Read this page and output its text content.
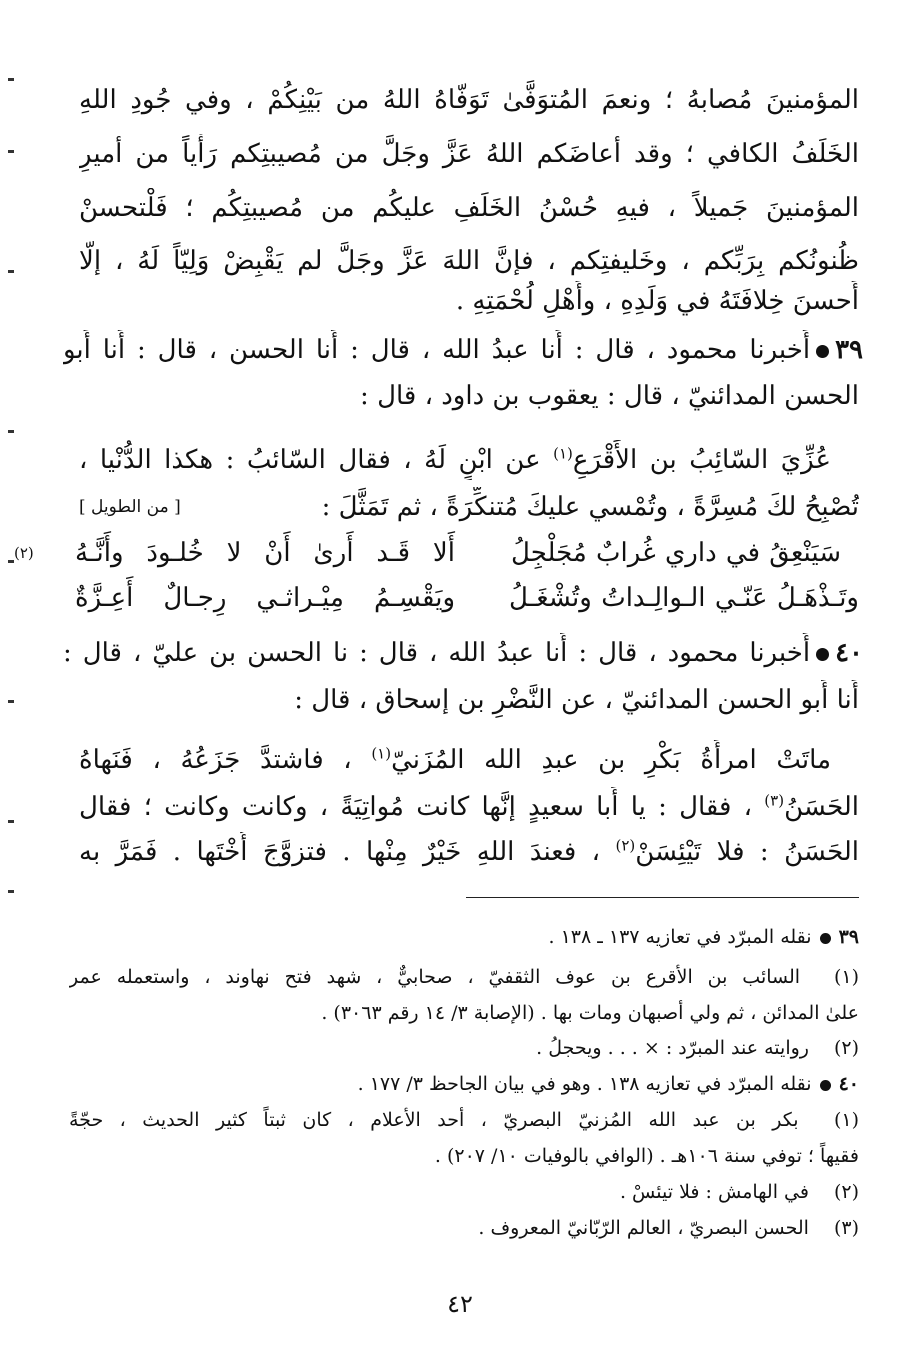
المؤمنينَ مُصابهُ ؛ ونعمَ المُتوَفَّىٰ تَوَفّاهُ اللهُ من بَيْنِكُمْ ، وفي جُودِ اللهِ
الخَلَفُ الكافي ؛ وقد أعاضَكم اللهُ عَزَّ وجَلَّ من مُصيبتِكم رَأْياً من أميرِ
المؤمنينَ جَميلاً ، فيهِ حُسْنُ الخَلَفِ عليكُم من مُصيبتِكُم ؛ فَلْتحسنْ
ظُنونُكم بِرَبِّكم ، وخَليفتِكم ، فإنَّ اللهَ عَزَّ وجَلَّ لم يَقْبِضْ وَلِيّاً لَهُ ، إلّا
أَحسنَ خِلافَتَهُ في وَلَدِهِ ، وأَهْلِ لُحْمَتِهِ .
٣٩أَخبرنا محمود ، قال : أَنا عبدُ الله ، قال : أَنا الحسن ، قال : أَنا أَبو
الحسن المدائنيّ ، قال : يعقوب بن داود ، قال :
عُزِّيَ السّائِبُ بن الأَقْرَعِ$^{(١)}$ عن ابْنٍ لَهُ ، فقال السّائبُ : هكذا الدُّنْيا ،
تُصْبِحُ لكَ مُسِرَّةً ، وتُمْسي عليكَ مُتنكِّرَةً ، ثم تَمَثَّلَ :
[ من الطويل ]
أَلا قَـد أَرىٰ أَنْ لا خُلـودَ وأَنَّـهُ سَيَنْعِقُ في داري غُرابٌ مُجَلْجِلُ
(٢)
ويَقْسِـمُ مِيْـراثـي رِجـالٌ أَعِـزَّةٌ وتَـذْهَـلُ عَنّـي الـوالِـداتُ وتُشْغَـلُ
٤٠أَخبرنا محمود ، قال : أَنا عبدُ الله ، قال : نا الحسن بن عليّ ، قال :
أَنا أَبو الحسن المدائنيّ ، عن النَّضْرِ بن إسحاق ، قال :
ماتَتْ امرأَةُ بَكْرِ بن عبدِ الله المُزَنيّ$^{(١)}$ ، فاشتدَّ جَزَعُهُ ، فَنَهاهُ
الحَسَنُ$^{(٣)}$ ، فقال : يا أَبا سعيدٍ إنَّها كانت مُواتِيَةً ، وكانت وكانت ؛ فقال
الحَسَنُ : فلا تَيْئِسَنْ$^{(٢)}$ ، فعندَ اللهِ خَيْرٌ مِنْها . فتزوَّجَ أُخْتَها . فَمَرَّ به
٣٩نقله المبرّد في تعازيه ١٣٧ ـ ١٣٨ .
(١) السائب بن الأقرع بن عوف الثقفيّ ، صحابيٌّ ، شهد فتح نهاوند ، واستعمله عمر
علىٰ المدائن ، ثم ولي أصبهان ومات بها . (الإصابة ٣/ ١٤ رقم ٣٠٦٣) .
(٢) روايته عند المبرّد : × . . . ويحجلُ .
٤٠نقله المبرّد في تعازيه ١٣٨ . وهو في بيان الجاحظ ٣/ ١٧٧ .
(١) بكر بن عبد الله المُزنيّ البصريّ ، أحد الأعلام ، كان ثبتاً كثير الحديث ، حجّةً
فقيهاً ؛ توفي سنة ١٠٦هـ . (الوافي بالوفيات ١٠/ ٢٠٧) .
(٢) في الهامش : فلا تيئسْ .
(٣) الحسن البصريّ ، العالم الرّبّانيّ المعروف .
٤٢
